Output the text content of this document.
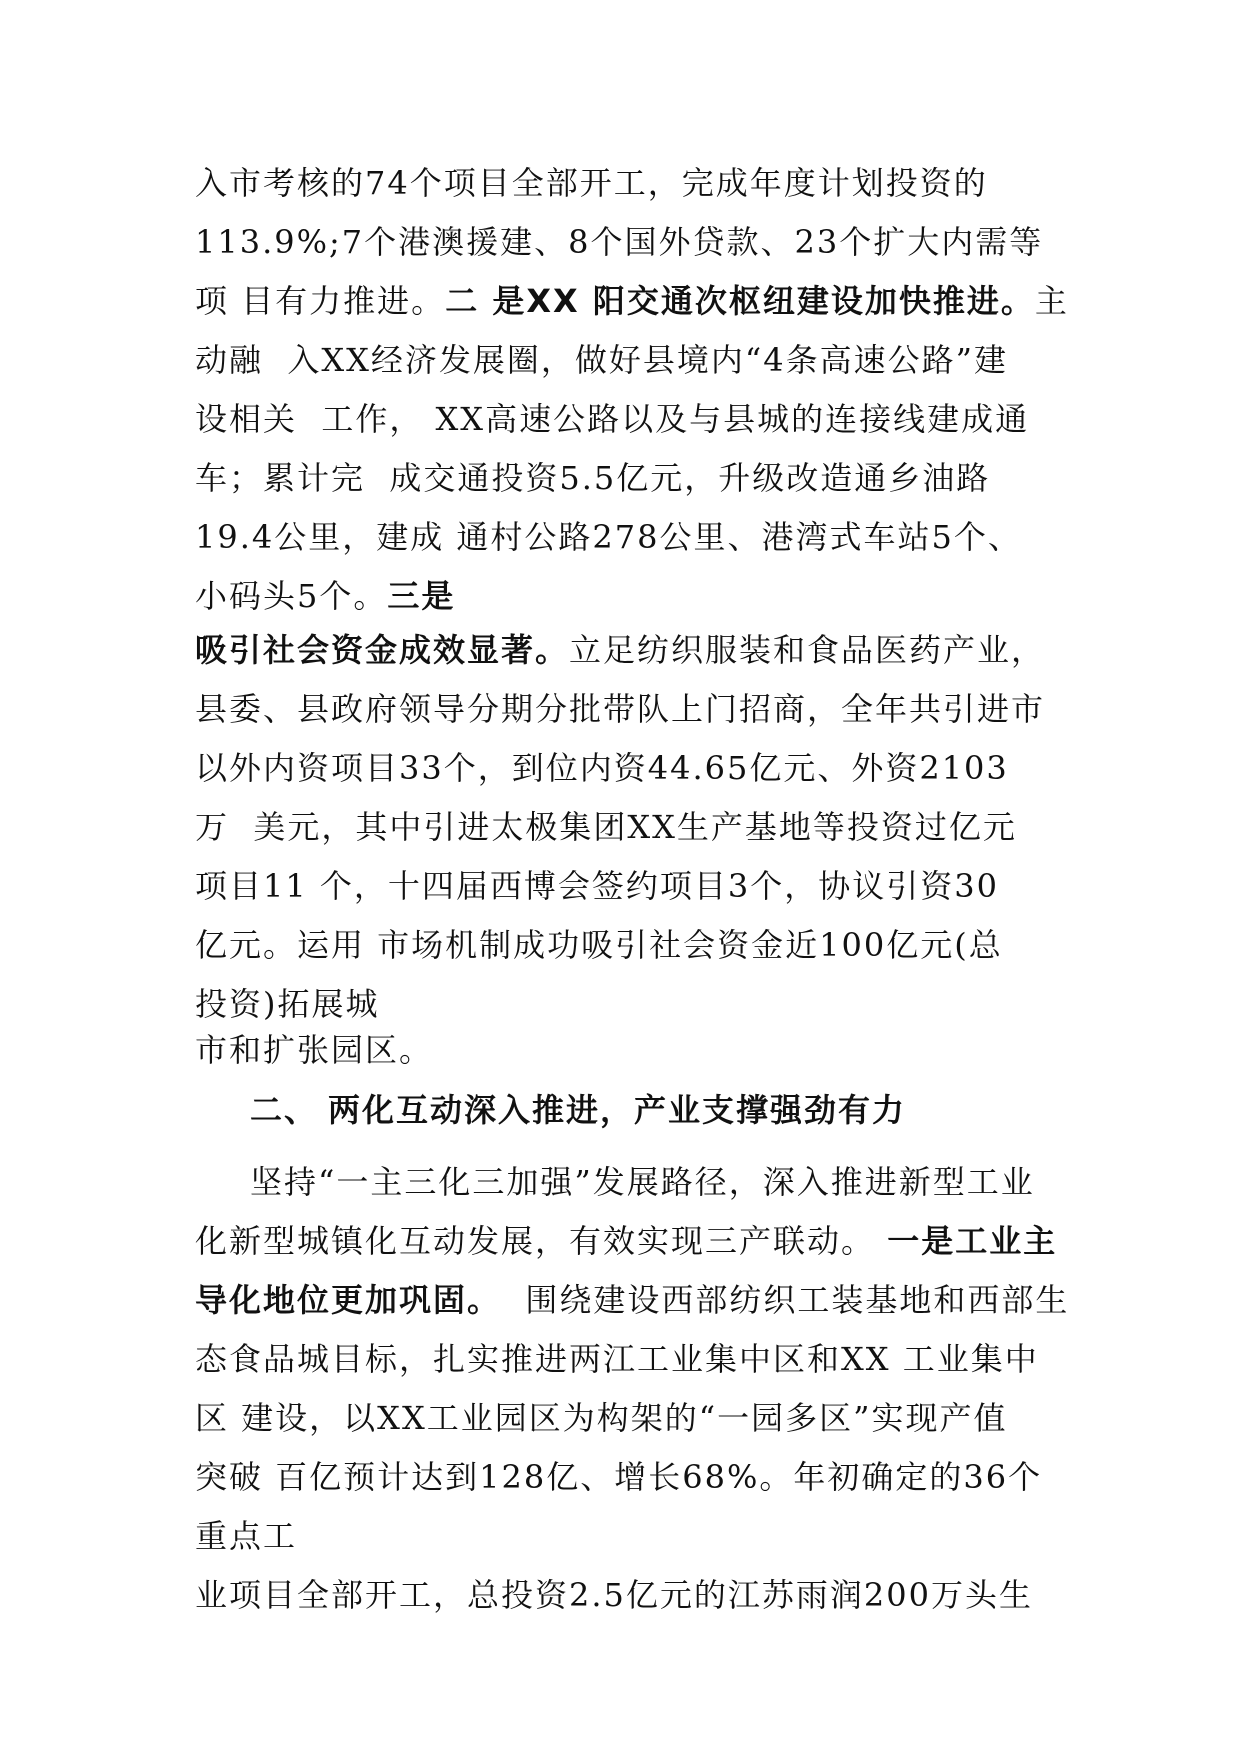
入市考核的74个项目全部开工，完成年度计划投资的
113.9%;7个港澳援建、8个国外贷款、23个扩大内需等
项 目有力推进。二 是XX 阳交通次枢纽建设加快推进。主
动融  入XX经济发展圈，做好县境内“4条高速公路”建
设相关  工作， XX高速公路以及与县城的连接线建成通
车；累计完  成交通投资5.5亿元，升级改造通乡油路
19.4公里，建成 通村公路278公里、港湾式车站5个、
小码头5个。三是
吸引社会资金成效显著。立足纺织服装和食品医药产业，
县委、县政府领导分期分批带队上门招商，全年共引进市
以外内资项目33个，到位内资44.65亿元、外资2103
万  美元，其中引进太极集团XX生产基地等投资过亿元
项目11 个，十四届西博会签约项目3个，协议引资30
亿元。运用 市场机制成功吸引社会资金近100亿元(总
投资)拓展城
市和扩张园区。
二、 两化互动深入推进，产业支撑强劲有力
坚持“一主三化三加强”发展路径，深入推进新型工业
化新型城镇化互动发展，有效实现三产联动。 一是工业主
导化地位更加巩固。  围绕建设西部纺织工装基地和西部生
态食品城目标，扎实推进两江工业集中区和XX 工业集中
区 建设，以XX工业园区为构架的“一园多区”实现产值
突破 百亿预计达到128亿、增长68%。年初确定的36个
重点工
业项目全部开工，总投资2.5亿元的江苏雨润200万头生
